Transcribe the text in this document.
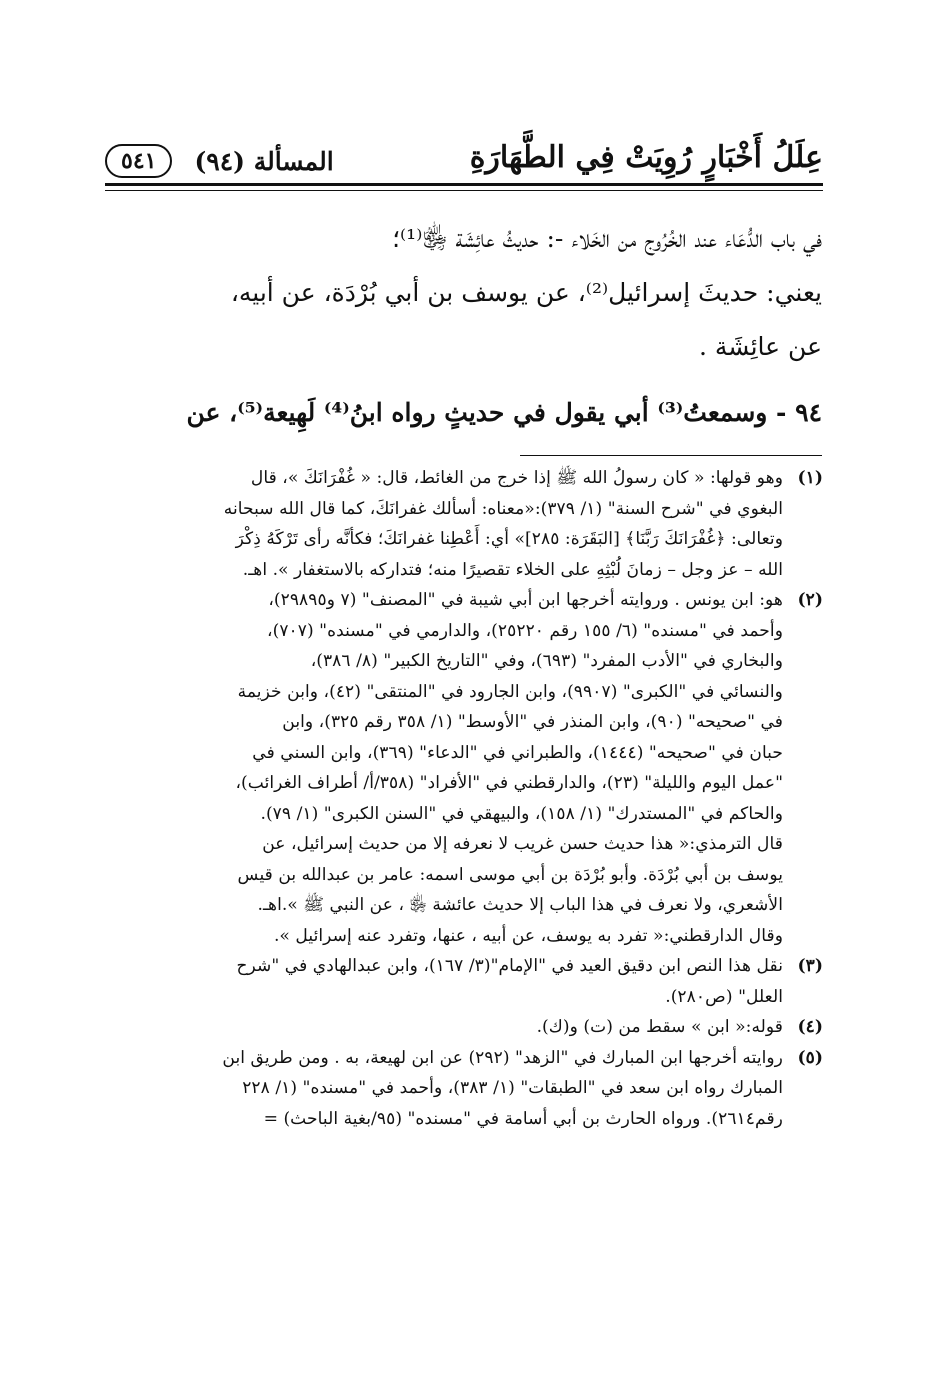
عِلَلُ أَخْبَارٍ رُوِيَتْ فِي الطَّهَارَةِ
المسألة (٩٤)
٥٤١

في باب الدُّعَاء عند الخُرُوج من الخَلاء -: حديثُ عائِشَة ﵂⁽¹⁾؛

يعني: حديثَ إسرائيل⁽²⁾، عن يوسف بن أبي بُرْدَة، عن أبيه،

عن عائِشَة .

٩٤ - وسمعتُ⁽³⁾ أبي يقول في حديثٍ رواه ابنُ⁽⁴⁾ لَهِيعة⁽⁵⁾، عن

(١)
وهو قولها: « كان رسولُ الله ﷺ إذا خرج من الغائط، قال: « غُفْرَانَكَ »، قال
البغوي في "شرح السنة" (١/ ٣٧٩):«معناه: أسألك غفرانَكَ، كما قال الله سبحانه
وتعالى: ﴿غُفْرَانَكَ رَبَّنَا﴾ [البَقَرَة: ٢٨٥]» أي: أَعْطِنا غفرانَكَ؛ فكأنَّه رأى تَرْكَهُ ذِكْرَ
الله – عز وجل – زمانَ لُبْثِهِ على الخلاء تقصيرًا منه؛ فتداركه بالاستغفار ». اهـ.
(٢)
هو: ابن يونس . وروايته أخرجها ابن أبي شيبة في "المصنف" (٧ و٢٩٨٩٥)،
وأحمد في "مسنده" (٦/ ١٥٥ رقم ٢٥٢٢٠)، والدارمي في "مسنده" (٧٠٧)،
والبخاري في "الأدب المفرد" (٦٩٣)، وفي "التاريخ الكبير" (٨/ ٣٨٦)،
والنسائي في "الكبرى" (٩٩٠٧)، وابن الجارود في "المنتقى" (٤٢)، وابن خزيمة
في "صحيحه" (٩٠)، وابن المنذر في "الأوسط" (١/ ٣٥٨ رقم ٣٢٥)، وابن
حبان في "صحيحه" (١٤٤٤)، والطبراني في "الدعاء" (٣٦٩)، وابن السني في
"عمل اليوم والليلة" (٢٣)، والدارقطني في "الأفراد" (٣٥٨/أ/ أطراف الغرائب)،
والحاكم في "المستدرك" (١/ ١٥٨)، والبيهقي في "السنن الكبرى" (١/ ٧٩).
قال الترمذي:« هذا حديث حسن غريب لا نعرفه إلا من حديث إسرائيل، عن
يوسف بن أبي بُرْدَة. وأبو بُرْدَة بن أبي موسى اسمه: عامر بن عبدالله بن قيس
الأشعري، ولا نعرف في هذا الباب إلا حديث عائشة ﵂ ، عن النبي ﷺ ».اهـ.
وقال الدارقطني:« تفرد به يوسف، عن أبيه ، عنها، وتفرد عنه إسرائيل ».
(٣)
نقل هذا النص ابن دقيق العيد في "الإمام"(٣/ ١٦٧)، وابن عبدالهادي في "شرح
العلل" (ص٢٨٠).
(٤)
قوله:« ابن » سقط من (ت) و(ك).
(٥)
روايته أخرجها ابن المبارك في "الزهد" (٢٩٢) عن ابن لهيعة، به . ومن طريق ابن
المبارك رواه ابن سعد في "الطبقات" (١/ ٣٨٣)، وأحمد في "مسنده" (١/ ٢٢٨
رقم٢٦١٤). ورواه الحارث بن أبي أسامة في "مسنده" (٩٥/بغية الباحث) =
